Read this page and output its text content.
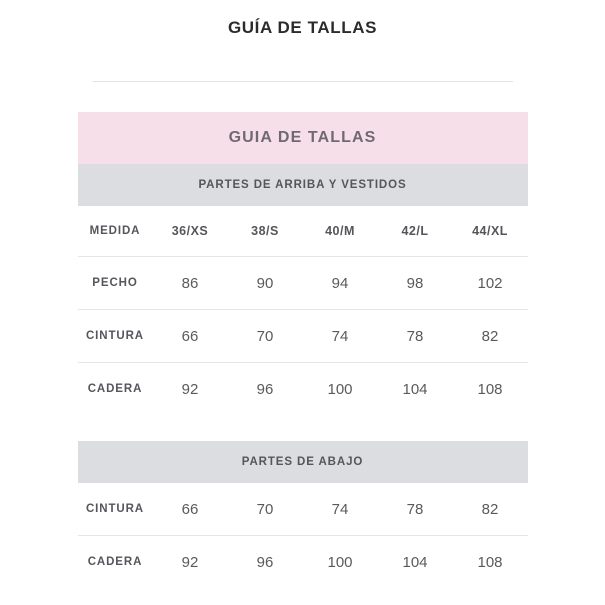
GUÍA DE TALLAS
GUIA DE TALLAS					
PARTES DE ARRIBA Y VESTIDOS					
MEDIDA	36/XS	38/S	40/M	42/L	44/XL
PECHO	86	90	94	98	102
CINTURA	66	70	74	78	82
CADERA	92	96	100	104	108

PARTES DE ABAJO					
CINTURA	66	70	74	78	82
CADERA	92	96	100	104	108
